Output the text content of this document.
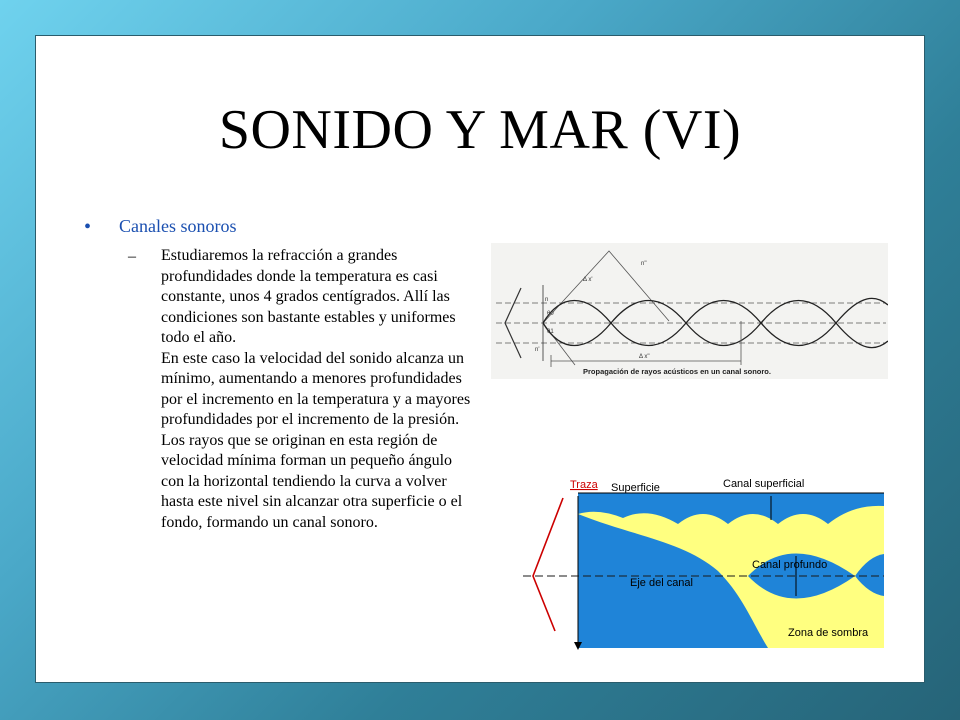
SONIDO Y MAR (VI)
• Canales sonoros
– Estudiaremos la refracción a grandes profundidades donde la temperatura es casi constante, unos 4 grados centígrados. Allí las condiciones son bastante estables y uniformes todo el año.

En este caso la velocidad del sonido alcanza un mínimo, aumentando a menores profundidades por el incremento en la temperatura y a mayores profundidades por el incremento de la presión.

Los rayos que se originan en esta región de velocidad mínima forman un pequeño ángulo con la horizontal tendiendo la curva a volver hasta este nivel sin alcanzar otra superficie o el fondo, formando un canal sonoro.

Δ x'
n''
n
θ0
θ1
n'
Δ x''
Propagación de rayos acústicos en un canal sonoro.
Traza Superficie	Canal superficial
Canal profundo
Eje del canal
Zona de sombra
